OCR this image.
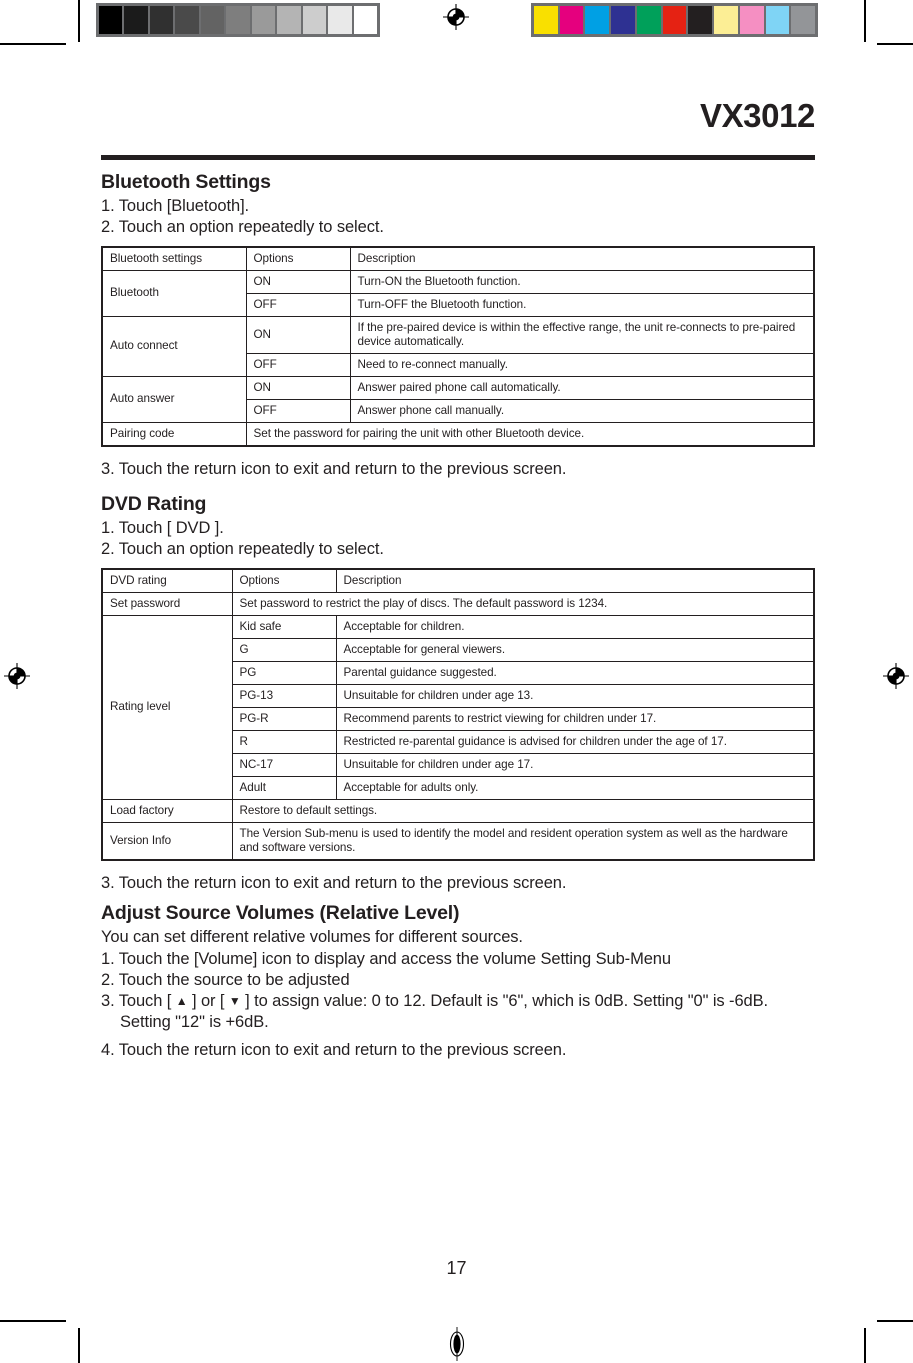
VX3012
Bluetooth Settings

1. Touch [Bluetooth].

2. Touch an option repeatedly to select.

Bluetooth settings	Options	Description
Bluetooth	ON	Turn-ON the Bluetooth function.
	OFF	Turn-OFF the Bluetooth function.
Auto connect	ON	If the pre-paired device is within the effective range, the unit re-connects to pre-paired device automatically.
	OFF	Need to re-connect manually.
Auto answer	ON	Answer paired phone call automatically.
	OFF	Answer phone call manually.
Pairing code	Set the password for pairing the unit with other Bluetooth device.	

3. Touch the return icon to exit and return to the previous screen.

DVD Rating

1. Touch [ DVD ].

2. Touch an option repeatedly to select.

DVD rating	Options	Description
Set password	Set password to restrict the play of discs. The default password is 1234.	
Rating level	Kid safe	Acceptable for children.
	G	Acceptable for general viewers.
	PG	Parental guidance suggested.
	PG-13	Unsuitable for children under age 13.
	PG-R	Recommend parents to restrict viewing for children under 17.
	R	Restricted re-parental guidance is advised for children under the age of 17.
	NC-17	Unsuitable for children under age 17.
	Adult	Acceptable for adults only.
Load factory	Restore to default settings.	
Version Info	The Version Sub-menu is used to identify the model and resident operation system as well as the hardware and software versions.	

3. Touch the return icon to exit and return to the previous screen.

Adjust Source Volumes (Relative Level)

You can set different relative volumes for different sources.

1. Touch the [Volume] icon to display and access the volume Setting Sub-Menu

2. Touch the source to be adjusted

3. Touch [ ▲ ] or [ ▼ ] to assign value: 0 to 12. Default is "6", which is 0dB. Setting "0" is -6dB. Setting "12" is +6dB.

4. Touch the return icon to exit and return to the previous screen.

17
